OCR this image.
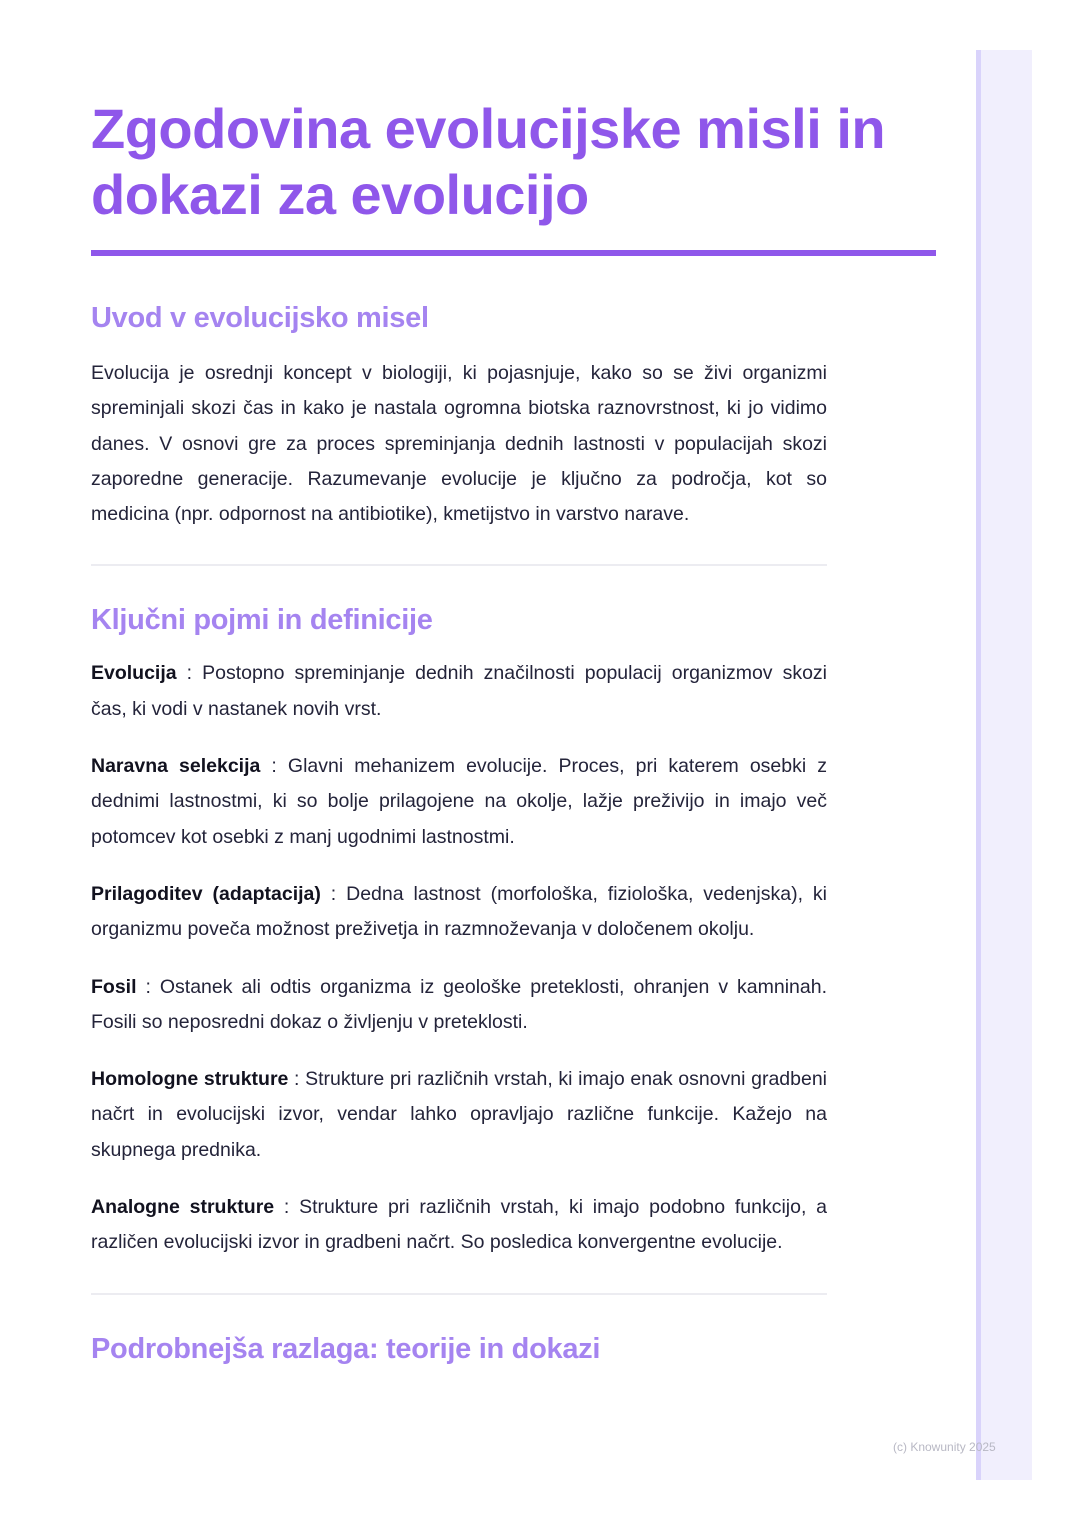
Zgodovina evolucijske misli in dokazi za evolucijo
Uvod v evolucijsko misel

Evolucija je osrednji koncept v biologiji, ki pojasnjuje, kako so se živi organizmi spreminjali skozi čas in kako je nastala ogromna biotska raznovrstnost, ki jo vidimo danes. V osnovi gre za proces spreminjanja dednih lastnosti v populacijah skozi zaporedne generacije. Razumevanje evolucije je ključno za področja, kot so medicina (npr. odpornost na antibiotike), kmetijstvo in varstvo narave.

Ključni pojmi in definicije

Evolucija : Postopno spreminjanje dednih značilnosti populacij organizmov skozi čas, ki vodi v nastanek novih vrst.

Naravna selekcija : Glavni mehanizem evolucije. Proces, pri katerem osebki z dednimi lastnostmi, ki so bolje prilagojene na okolje, lažje preživijo in imajo več potomcev kot osebki z manj ugodnimi lastnostmi.

Prilagoditev (adaptacija) : Dedna lastnost (morfološka, fiziološka, vedenjska), ki organizmu poveča možnost preživetja in razmnoževanja v določenem okolju.

Fosil : Ostanek ali odtis organizma iz geološke preteklosti, ohranjen v kamninah. Fosili so neposredni dokaz o življenju v preteklosti.

Homologne strukture : Strukture pri različnih vrstah, ki imajo enak osnovni gradbeni načrt in evolucijski izvor, vendar lahko opravljajo različne funkcije. Kažejo na skupnega prednika.

Analogne strukture : Strukture pri različnih vrstah, ki imajo podobno funkcijo, a različen evolucijski izvor in gradbeni načrt. So posledica konvergentne evolucije.

Podrobnejša razlaga: teorije in dokazi
(c) Knowunity 2025
